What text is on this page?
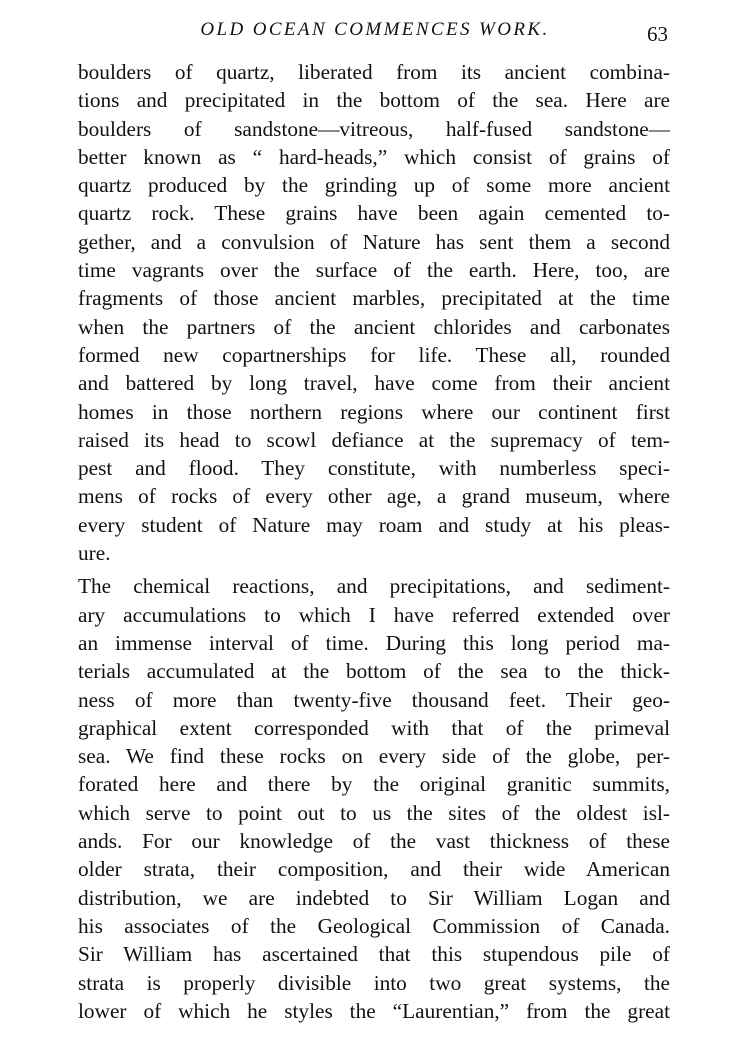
OLD OCEAN COMMENCES WORK.	63
boulders of quartz, liberated from its ancient combina-
tions and precipitated in the bottom of the sea. Here are
boulders of sandstone—vitreous, half-fused sandstone—
better known as “ hard-heads,” which consist of grains of
quartz produced by the grinding up of some more ancient
quartz rock. These grains have been again cemented to-
gether, and a convulsion of Nature has sent them a second
time vagrants over the surface of the earth. Here, too, are
fragments of those ancient marbles, precipitated at the time
when the partners of the ancient chlorides and carbonates
formed new copartnerships for life. These all, rounded
and battered by long travel, have come from their ancient
homes in those northern regions where our continent first
raised its head to scowl defiance at the supremacy of tem-
pest and flood. They constitute, with numberless speci-
mens of rocks of every other age, a grand museum, where
every student of Nature may roam and study at his pleas-
ure.
The chemical reactions, and precipitations, and sediment-
ary accumulations to which I have referred extended over
an immense interval of time. During this long period ma-
terials accumulated at the bottom of the sea to the thick-
ness of more than twenty-five thousand feet. Their geo-
graphical extent corresponded with that of the primeval
sea. We find these rocks on every side of the globe, per-
forated here and there by the original granitic summits,
which serve to point out to us the sites of the oldest isl-
ands. For our knowledge of the vast thickness of these
older strata, their composition, and their wide American
distribution, we are indebted to Sir William Logan and
his associates of the Geological Commission of Canada.
Sir William has ascertained that this stupendous pile of
strata is properly divisible into two great systems, the
lower of which he styles the “Laurentian,” from the great
